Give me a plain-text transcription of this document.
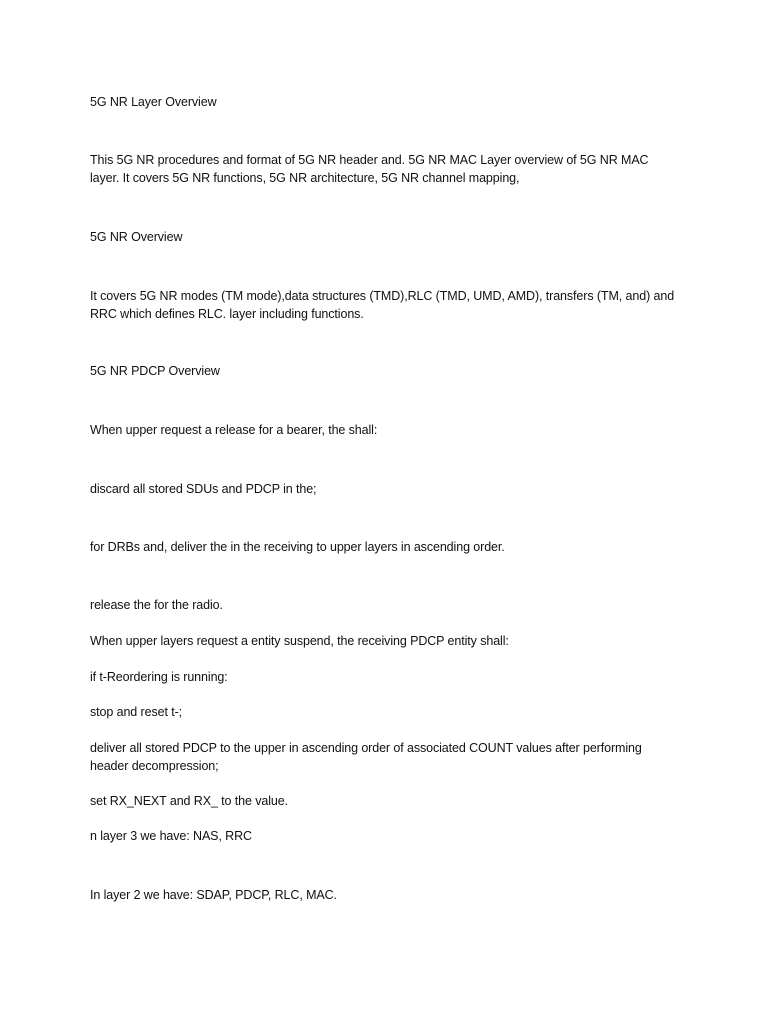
5G NR Layer Overview
This 5G NR procedures and format of 5G NR header and. 5G NR MAC Layer overview of 5G NR MAC layer. It covers 5G NR functions, 5G NR architecture, 5G NR channel mapping,
5G NR Overview
It covers 5G NR modes (TM mode),data structures (TMD),RLC (TMD, UMD, AMD), transfers (TM, and) and RRC which defines RLC. layer including functions.
5G NR PDCP Overview
When upper request a release for a bearer, the shall:
discard all stored SDUs and PDCP in the;
for DRBs and, deliver the in the receiving to upper layers in ascending order.
release the for the radio.
When upper layers request a entity suspend, the receiving PDCP entity shall:
if t-Reordering is running:
stop and reset t-;
deliver all stored PDCP to the upper in ascending order of associated COUNT values after performing header decompression;
set RX_NEXT and RX_ to the value.
n layer 3 we have: NAS, RRC
In layer 2 we have: SDAP, PDCP, RLC, MAC.
